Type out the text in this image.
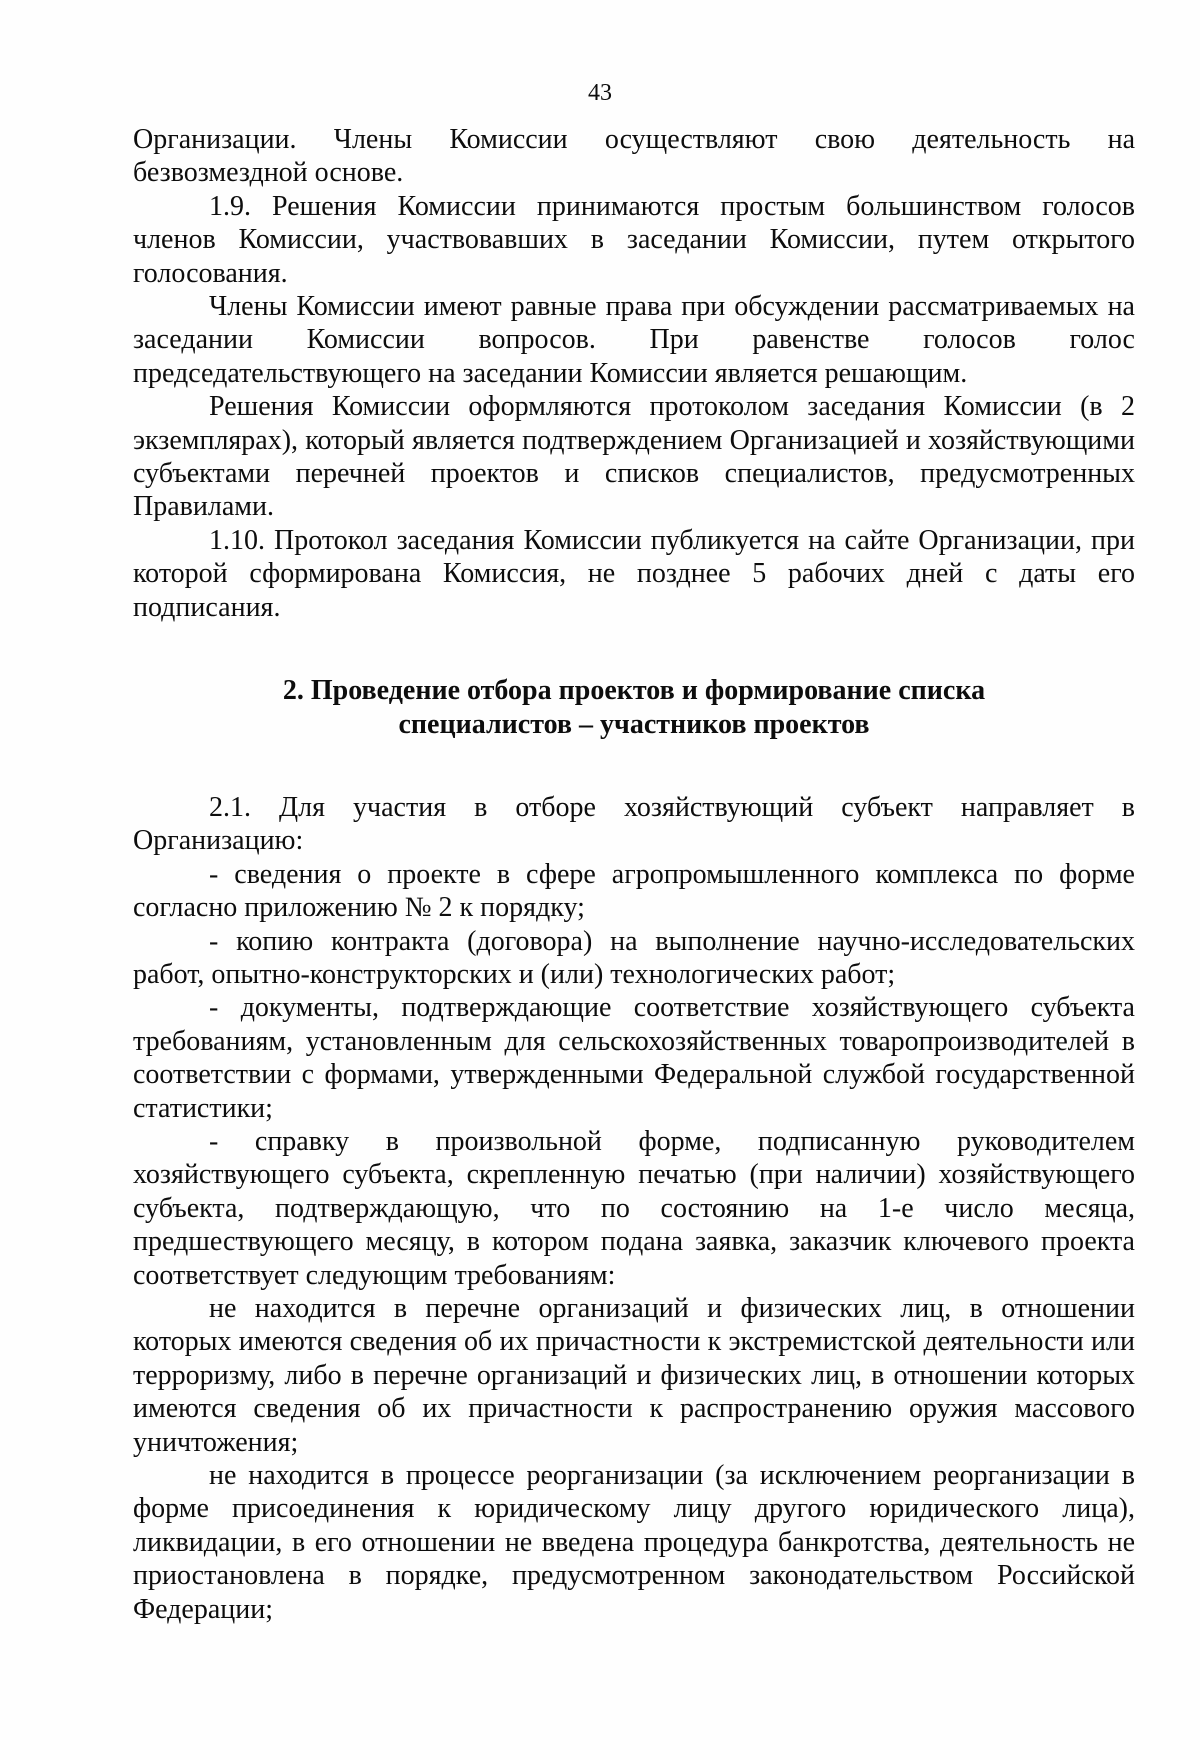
43

Организации. Члены Комиссии осуществляют свою деятельность на безвозмездной основе.

1.9. Решения Комиссии принимаются простым большинством голосов членов Комиссии, участвовавших в заседании Комиссии, путем открытого голосования.

Члены Комиссии имеют равные права при обсуждении рассматриваемых на заседании Комиссии вопросов. При равенстве голосов голос председательствующего на заседании Комиссии является решающим.

Решения Комиссии оформляются протоколом заседания Комиссии (в 2 экземплярах), который является подтверждением Организацией и хозяйствующими субъектами перечней проектов и списков специалистов, предусмотренных Правилами.

1.10. Протокол заседания Комиссии публикуется на сайте Организации, при которой сформирована Комиссия, не позднее 5 рабочих дней с даты его подписания.

2. Проведение отбора проектов и формирование списка
специалистов – участников проектов

2.1. Для участия в отборе хозяйствующий субъект направляет в Организацию:

- сведения о проекте в сфере агропромышленного комплекса по форме согласно приложению № 2 к порядку;

- копию контракта (договора) на выполнение научно-исследовательских работ, опытно-конструкторских и (или) технологических работ;

- документы, подтверждающие соответствие хозяйствующего субъекта требованиям, установленным для сельскохозяйственных товаропроизводителей в соответствии с формами, утвержденными Федеральной службой государственной статистики;

- справку в произвольной форме, подписанную руководителем хозяйствующего субъекта, скрепленную печатью (при наличии) хозяйствующего субъекта, подтверждающую, что по состоянию на 1-е число месяца, предшествующего месяцу, в котором подана заявка, заказчик ключевого проекта соответствует следующим требованиям:

не находится в перечне организаций и физических лиц, в отношении которых имеются сведения об их причастности к экстремистской деятельности или терроризму, либо в перечне организаций и физических лиц, в отношении которых имеются сведения об их причастности к распространению оружия массового уничтожения;

не находится в процессе реорганизации (за исключением реорганизации в форме присоединения к юридическому лицу другого юридического лица), ликвидации, в его отношении не введена процедура банкротства, деятельность не приостановлена в порядке, предусмотренном законодательством Российской Федерации;
